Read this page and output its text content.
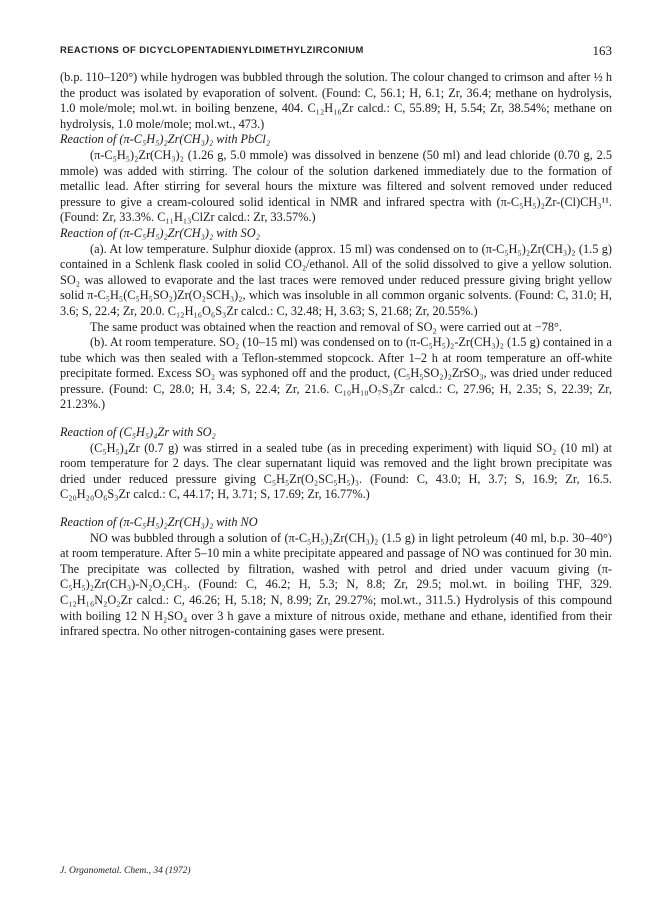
REACTIONS OF DICYCLOPENTADIENYLDIMETHYLZIRCONIUM	163

(b.p. 110–120°) while hydrogen was bubbled through the solution. The colour changed to crimson and after ½ h the product was isolated by evaporation of solvent. (Found: C, 56.1; H, 6.1; Zr, 36.4; methane on hydrolysis, 1.0 mole/mole; mol.wt. in boiling benzene, 404. C₁₂H₁₆Zr calcd.: C, 55.89; H, 5.54; Zr, 38.54%; methane on hydrolysis, 1.0 mole/mole; mol.wt., 473.)

Reaction of (π-C₅H₅)₂Zr(CH₃)₂ with PbCl₂

(π-C₅H₅)₂Zr(CH₃)₂ (1.26 g, 5.0 mmole) was dissolved in benzene (50 ml) and lead chloride (0.70 g, 2.5 mmole) was added with stirring. The colour of the solution darkened immediately due to the formation of metallic lead. After stirring for several hours the mixture was filtered and solvent removed under reduced pressure to give a cream-coloured solid identical in NMR and infrared spectra with (π-C₅H₅)₂Zr-(Cl)CH₃¹¹. (Found: Zr, 33.3%. C₁₁H₁₃ClZr calcd.: Zr, 33.57%.)

Reaction of (π-C₅H₅)₂Zr(CH₃)₂ with SO₂

(a). At low temperature. Sulphur dioxide (approx. 15 ml) was condensed on to (π-C₅H₅)₂Zr(CH₃)₂ (1.5 g) contained in a Schlenk flask cooled in solid CO₂/ethanol. All of the solid dissolved to give a yellow solution. SO₂ was allowed to evaporate and the last traces were removed under reduced pressure giving bright yellow solid π-C₅H₅(C₅H₅SO₂)Zr(O₂SCH₃)₂, which was insoluble in all common organic solvents. (Found: C, 31.0; H, 3.6; S, 22.4; Zr, 20.0. C₁₂H₁₆O₆S₃Zr calcd.: C, 32.48; H, 3.63; S, 21.68; Zr, 20.55%.)

The same product was obtained when the reaction and removal of SO₂ were carried out at −78°.

(b). At room temperature. SO₂ (10–15 ml) was condensed on to (π-C₅H₅)₂-Zr(CH₃)₂ (1.5 g) contained in a tube which was then sealed with a Teflon-stemmed stopcock. After 1–2 h at room temperature an off-white precipitate formed. Excess SO₂ was syphoned off and the product, (C₅H₅SO₂)₂ZrSO₃, was dried under reduced pressure. (Found: C, 28.0; H, 3.4; S, 22.4; Zr, 21.6. C₁₀H₁₀O₇S₃Zr calcd.: C, 27.96; H, 2.35; S, 22.39; Zr, 21.23%.)

Reaction of (C₅H₅)₄Zr with SO₂

(C₅H₅)₄Zr (0.7 g) was stirred in a sealed tube (as in preceding experiment) with liquid SO₂ (10 ml) at room temperature for 2 days. The clear supernatant liquid was removed and the light brown precipitate was dried under reduced pressure giving C₅H₅Zr(O₂SC₅H₅)₃. (Found: C, 43.0; H, 3.7; S, 16.9; Zr, 16.5. C₂₀H₂₀O₆S₃Zr calcd.: C, 44.17; H, 3.71; S, 17.69; Zr, 16.77%.)

Reaction of (π-C₅H₅)₂Zr(CH₃)₂ with NO

NO was bubbled through a solution of (π-C₅H₅)₂Zr(CH₃)₂ (1.5 g) in light petroleum (40 ml, b.p. 30–40°) at room temperature. After 5–10 min a white precipitate appeared and passage of NO was continued for 30 min. The precipitate was collected by filtration, washed with petrol and dried under vacuum giving (π-C₅H₅)₂Zr(CH₃)-N₂O₂CH₃. (Found: C, 46.2; H, 5.3; N, 8.8; Zr, 29.5; mol.wt. in boiling THF, 329. C₁₂H₁₆N₂O₂Zr calcd.: C, 46.26; H, 5.18; N, 8.99; Zr, 29.27%; mol.wt., 311.5.) Hydrolysis of this compound with boiling 12 N H₂SO₄ over 3 h gave a mixture of nitrous oxide, methane and ethane, identified from their infrared spectra. No other nitrogen-containing gases were present.

J. Organometal. Chem., 34 (1972)
